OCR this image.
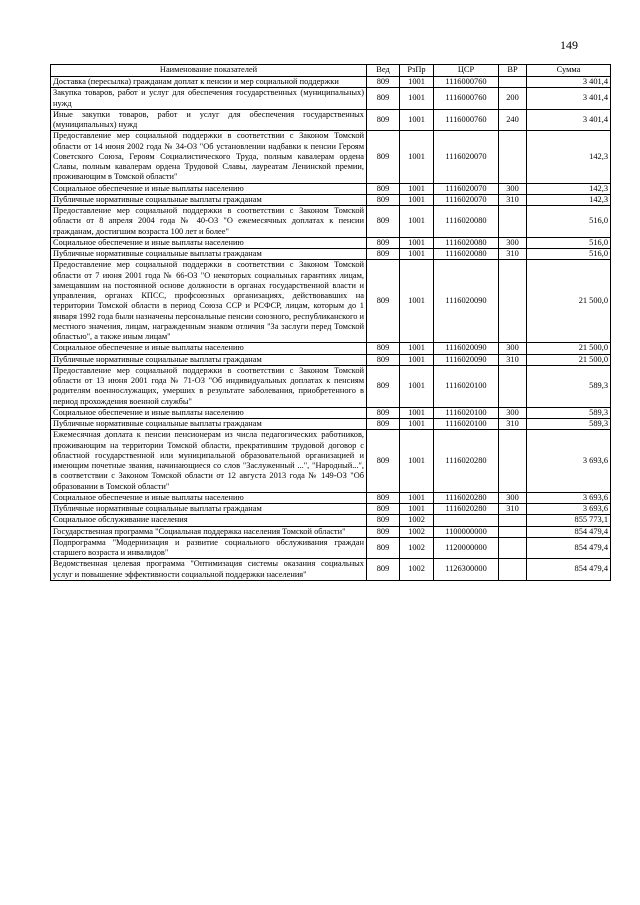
149
Наименование показателей	Вед	РзПр	ЦСР	ВР	Сумма
Доставка (пересылка) гражданам доплат к пенсии и мер социальной поддержки	809	1001	1116000760		3 401,4
Закупка товаров, работ и услуг для обеспечения государственных (муниципальных) нужд	809	1001	1116000760	200	3 401,4
Иные закупки товаров, работ и услуг для обеспечения государственных (муниципальных) нужд	809	1001	1116000760	240	3 401,4
Предоставление мер социальной поддержки в соответствии с Законом Томской области от 14 июня 2002 года № 34-ОЗ "Об установлении надбавки к пенсии Героям Советского Союза, Героям Социалистического Труда, полным кавалерам ордена Славы, полным кавалерам ордена Трудовой Славы, лауреатам Ленинской премии, проживающим в Томской области"	809	1001	1116020070		142,3
Социальное обеспечение и иные выплаты населению	809	1001	1116020070	300	142,3
Публичные нормативные социальные выплаты гражданам	809	1001	1116020070	310	142,3
Предоставление мер социальной поддержки в соответствии с Законом Томской области от 8 апреля 2004 года № 40-ОЗ "О ежемесячных доплатах к пенсии гражданам, достигшим возраста 100 лет и более"	809	1001	1116020080		516,0
Социальное обеспечение и иные выплаты населению	809	1001	1116020080	300	516,0
Публичные нормативные социальные выплаты гражданам	809	1001	1116020080	310	516,0
Предоставление мер социальной поддержки в соответствии с Законом Томской области от 7 июня 2001 года № 66-ОЗ "О некоторых социальных гарантиях лицам, замещавшим на постоянной основе должности в органах государственной власти и управления, органах КПСС, профсоюзных организациях, действовавших на территории Томской области в период Союза ССР и РСФСР, лицам, которым до 1 января 1992 года были назначены персональные пенсии союзного, республиканского и местного значения, лицам, награжденным знаком отличия "За заслуги перед Томской областью", а также иным лицам"	809	1001	1116020090		21 500,0
Социальное обеспечение и иные выплаты населению	809	1001	1116020090	300	21 500,0
Публичные нормативные социальные выплаты гражданам	809	1001	1116020090	310	21 500,0
Предоставление мер социальной поддержки в соответствии с Законом Томской области от 13 июня 2001 года № 71-ОЗ "Об индивидуальных доплатах к пенсиям родителям военнослужащих, умерших в результате заболевания, приобретенного в период прохождения военной службы"	809	1001	1116020100		589,3
Социальное обеспечение и иные выплаты населению	809	1001	1116020100	300	589,3
Публичные нормативные социальные выплаты гражданам	809	1001	1116020100	310	589,3
Ежемесячная доплата к пенсии пенсионерам из числа педагогических работников, проживающим на территории Томской области, прекратившим трудовой договор с областной государственной или муниципальной образовательной организацией и имеющим почетные звания, начинающиеся со слов "Заслуженный ...", "Народный...", в соответствии с Законом Томской области от 12 августа 2013 года № 149-ОЗ "Об образовании в Томской области"	809	1001	1116020280		3 693,6
Социальное обеспечение и иные выплаты населению	809	1001	1116020280	300	3 693,6
Публичные нормативные социальные выплаты гражданам	809	1001	1116020280	310	3 693,6
Социальное обслуживание населения	809	1002			855 773,1
Государственная программа "Социальная поддержка населения Томской области"	809	1002	1100000000		854 479,4
Подпрограмма "Модернизация и развитие социального обслуживания граждан старшего возраста и инвалидов"	809	1002	1120000000		854 479,4
Ведомственная целевая программа "Оптимизация системы оказания социальных услуг и повышение эффективности социальной поддержки населения"	809	1002	1126300000		854 479,4
